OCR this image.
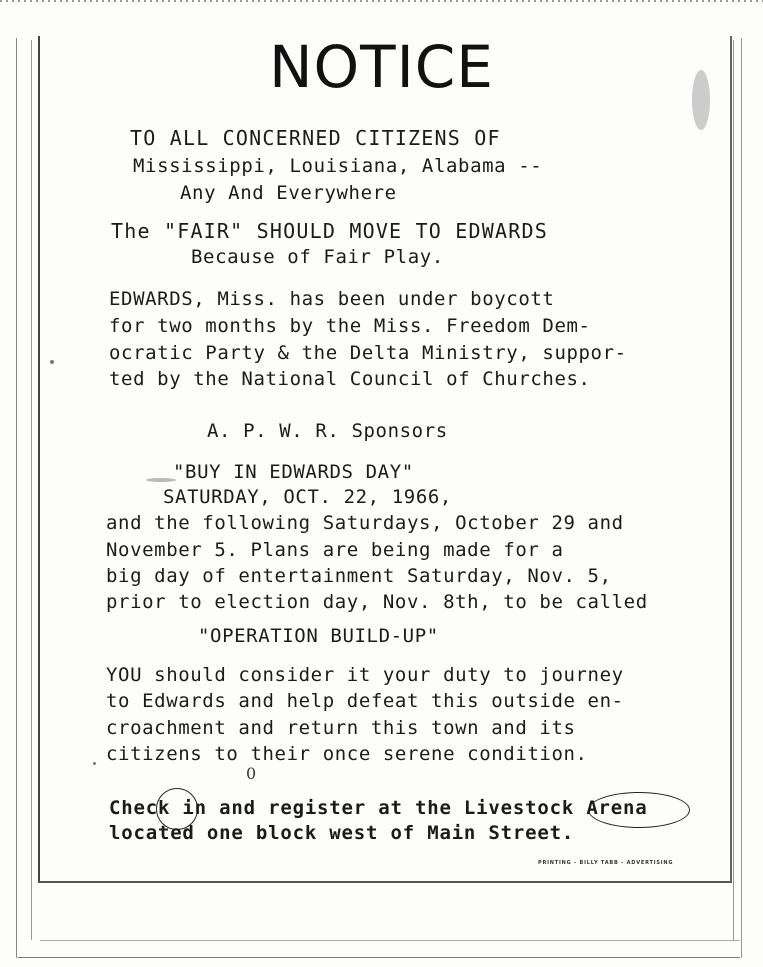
NOTICE
TO ALL CONCERNED CITIZENS OF
Mississippi, Louisiana, Alabama --
Any And Everywhere
The "FAIR" SHOULD MOVE TO EDWARDS
Because of Fair Play.
EDWARDS, Miss. has been under boycott
for two months by the Miss. Freedom Dem-
ocratic Party & the Delta Ministry, suppor-
ted by the National Council of Churches.
A. P. W. R. Sponsors
"BUY IN EDWARDS DAY"
SATURDAY, OCT. 22, 1966,
and the following Saturdays, October 29 and
November 5. Plans are being made for a
big day of entertainment Saturday, Nov. 5,
prior to election day, Nov. 8th, to be called
"OPERATION BUILD-UP"
YOU should consider it your duty to journey
to Edwards and help defeat this outside en-
croachment and return this town and its
citizens to their once serene condition.
0
Check in and register at the Livestock Arena
located one block west of Main Street.
PRINTING - BILLY TABB - ADVERTISING
